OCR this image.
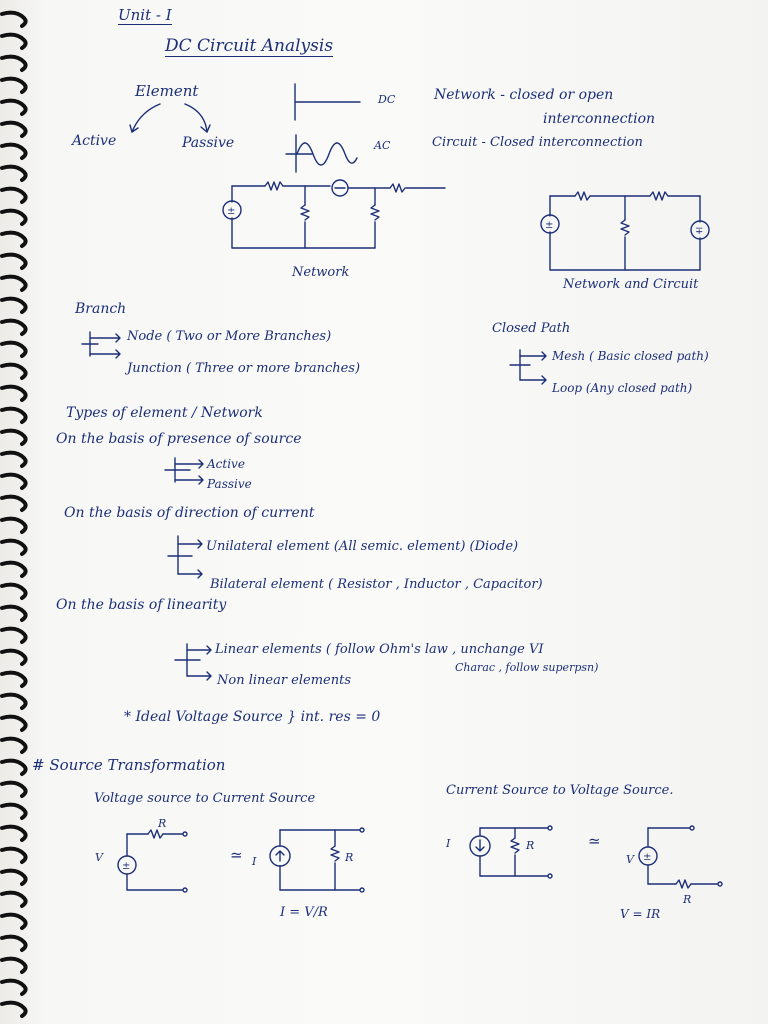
±
±
∓
±
±
Unit - I
DC Circuit Analysis
Element
Active	Passive
DC
AC
Network - closed or open
interconnection
Circuit - Closed interconnection
Network
Network and Circuit
Branch
Node ( Two or More Branches)
Junction ( Three or more branches)
Closed Path
Mesh ( Basic closed path)
Loop (Any closed path)
Types of element / Network
On the basis of presence of source
Active
Passive
On the basis of direction of current
Unilateral element (All semic. element) (Diode)
Bilateral element ( Resistor , Inductor , Capacitor)
On the basis of linearity
Linear elements ( follow Ohm's law , unchange VI
Charac , follow superpsn)
Non linear elements
* Ideal Voltage Source } int. res = 0
# Source Transformation
Voltage source to Current Source
Current Source to Voltage Source.
V
R
≃ I	R
I = V/R
I	R	≃
V
R
V = IR
